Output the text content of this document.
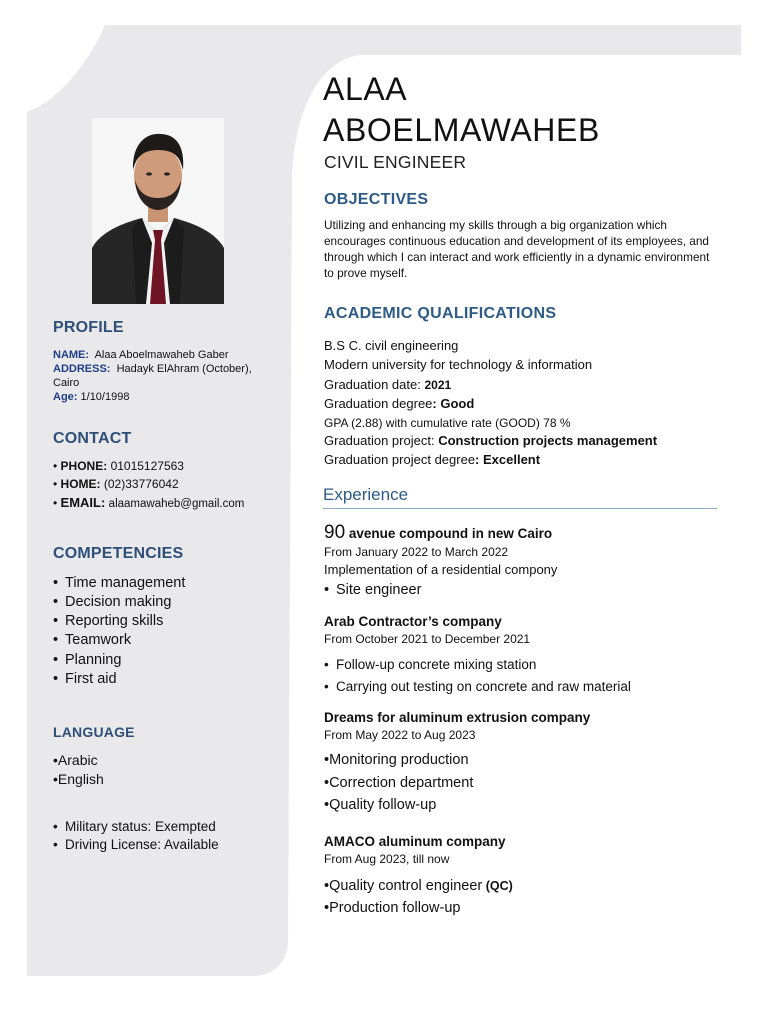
PROFILE
NAME: Alaa Aboelmawaheb Gaber
ADDRESS: Hadayk ElAhram (October),
Cairo
Age: 1/10/1998
CONTACT
• PHONE: 01015127563
• HOME: (02)33776042
• EMAIL: alaamawaheb@gmail.com
COMPETENCIES
• Time management
• Decision making
• Reporting skills
• Teamwork
• Planning
• First aid
LANGUAGE
•Arabic
•English
• Military status: Exempted
• Driving License: Available
ALAA
ABOELMAWAHEB
CIVIL ENGINEER
OBJECTIVES
Utilizing and enhancing my skills through a big organization which encourages continuous education and development of its employees, and through which I can interact and work efficiently in a dynamic environment to prove myself.
ACADEMIC QUALIFICATIONS
B.S C. civil engineering
Modern university for technology & information
Graduation date: 2021
Graduation degree: Good
GPA (2.88) with cumulative rate (GOOD) 78 %
Graduation project: Construction projects management
Graduation project degree: Excellent
Experience
90 avenue compound in new Cairo
From January 2022 to March 2022
Implementation of a residential compony
• Site engineer
Arab Contractor’s company
From October 2021 to December 2021
• Follow-up concrete mixing station
• Carrying out testing on concrete and raw material
Dreams for aluminum extrusion company
From May 2022 to Aug 2023
•Monitoring production
•Correction department
•Quality follow-up
AMACO aluminum company
From Aug 2023, till now
•Quality control engineer (QC)
•Production follow-up
